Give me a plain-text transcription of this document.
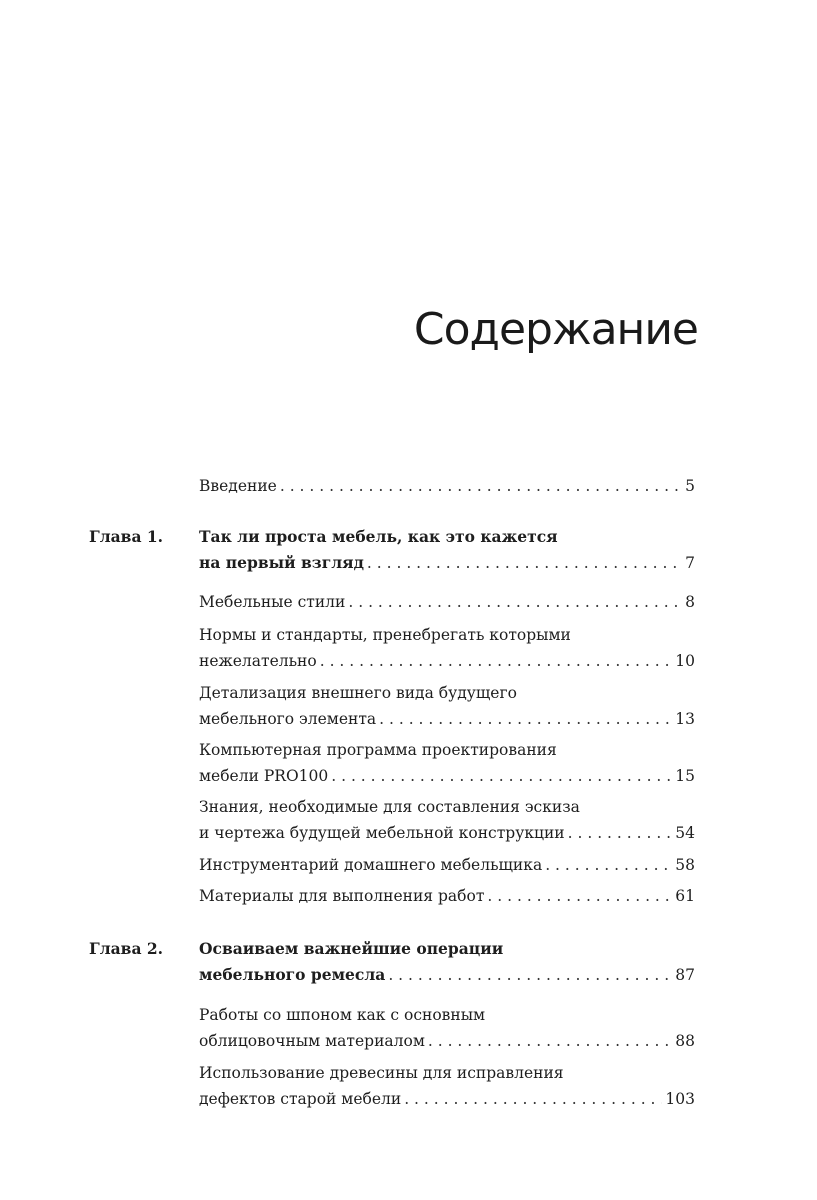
Содержание
Введение . . .	5
Глава 1. Так ли проста мебель, как это кажется
на первый взгляд . . .	7
Мебельные стили . . .	8
Нормы и стандарты, пренебрегать которыми
нежелательно . . .	10
Детализация внешнего вида будущего
мебельного элемента . . .	13
Компьютерная программа проектирования
мебели PRO100 . . .	15
Знания, необходимые для составления эскиза
и чертежа будущей мебельной конструкции . . .	54
Инструментарий домашнего мебельщика . . .	58
Материалы для выполнения работ . . .	61
Глава 2. Осваиваем важнейшие операции
мебельного ремесла . . .	87
Работы со шпоном как с основным
облицовочным материалом . . .	88
Использование древесины для исправления
дефектов старой мебели . . .	103
